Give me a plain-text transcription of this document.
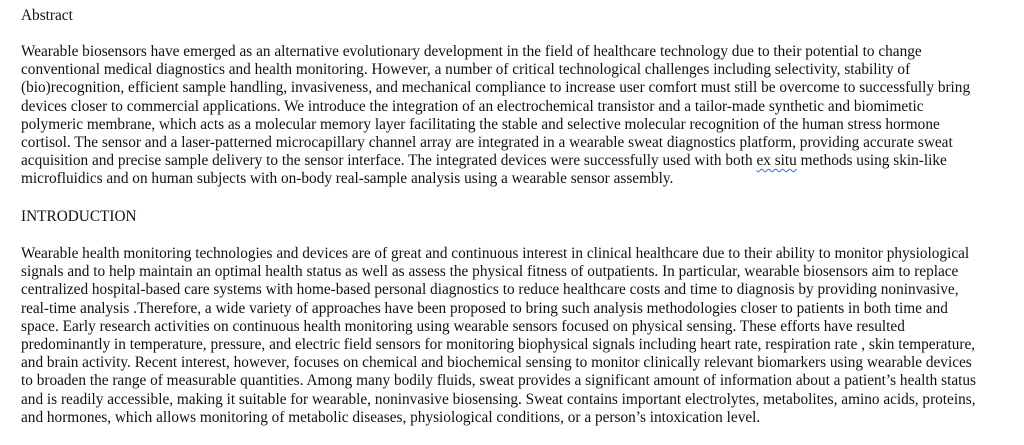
Abstract
Wearable biosensors have emerged as an alternative evolutionary development in the field of healthcare technology due to their potential to change
conventional medical diagnostics and health monitoring. However, a number of critical technological challenges including selectivity, stability of
(bio)recognition, efficient sample handling, invasiveness, and mechanical compliance to increase user comfort must still be overcome to successfully bring
devices closer to commercial applications. We introduce the integration of an electrochemical transistor and a tailor-made synthetic and biomimetic
polymeric membrane, which acts as a molecular memory layer facilitating the stable and selective molecular recognition of the human stress hormone
cortisol. The sensor and a laser-patterned microcapillary channel array are integrated in a wearable sweat diagnostics platform, providing accurate sweat
acquisition and precise sample delivery to the sensor interface. The integrated devices were successfully used with both ex situ methods using skin-like
microfluidics and on human subjects with on-body real-sample analysis using a wearable sensor assembly.
INTRODUCTION
Wearable health monitoring technologies and devices are of great and continuous interest in clinical healthcare due to their ability to monitor physiological
signals and to help maintain an optimal health status as well as assess the physical fitness of outpatients. In particular, wearable biosensors aim to replace
centralized hospital-based care systems with home-based personal diagnostics to reduce healthcare costs and time to diagnosis by providing noninvasive,
real-time analysis .Therefore, a wide variety of approaches have been proposed to bring such analysis methodologies closer to patients in both time and
space. Early research activities on continuous health monitoring using wearable sensors focused on physical sensing. These efforts have resulted
predominantly in temperature, pressure, and electric field sensors for monitoring biophysical signals including heart rate, respiration rate , skin temperature,
and brain activity. Recent interest, however, focuses on chemical and biochemical sensing to monitor clinically relevant biomarkers using wearable devices
to broaden the range of measurable quantities. Among many bodily fluids, sweat provides a significant amount of information about a patient’s health status
and is readily accessible, making it suitable for wearable, noninvasive biosensing. Sweat contains important electrolytes, metabolites, amino acids, proteins,
and hormones, which allows monitoring of metabolic diseases, physiological conditions, or a person’s intoxication level.
